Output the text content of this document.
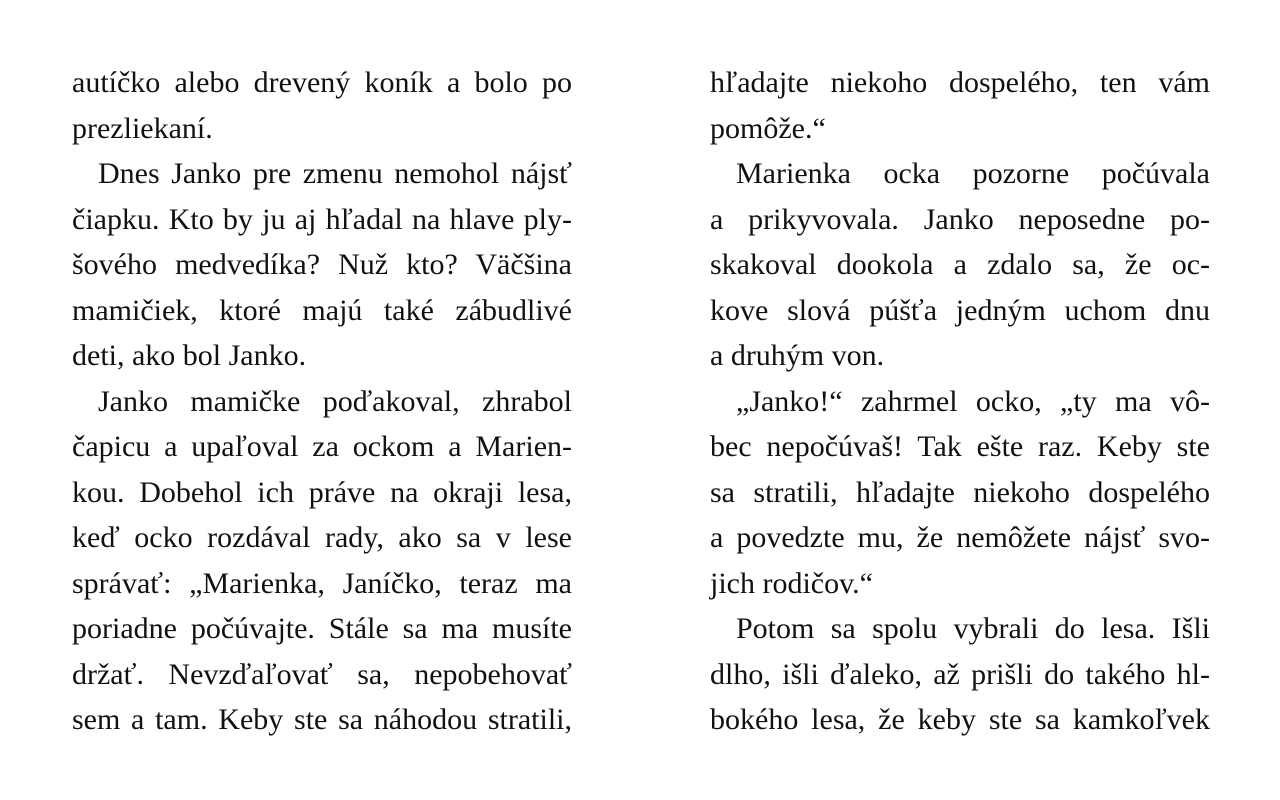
autíčko alebo drevený koník a bolo po
prezliekaní.
Dnes Janko pre zmenu nemohol nájsť
čiapku. Kto by ju aj hľadal na hlave ply-
šového medvedíka? Nuž kto? Väčšina
mamičiek, ktoré majú také zábudlivé
deti, ako bol Janko.
Janko mamičke poďakoval, zhrabol
čapicu a upaľoval za ockom a Marien-
kou. Dobehol ich práve na okraji lesa,
keď ocko rozdával rady, ako sa v lese
správať: „Marienka, Janíčko, teraz ma
poriadne počúvajte. Stále sa ma musíte
držať. Nevzďaľovať sa, nepobehovať
sem a tam. Keby ste sa náhodou stratili,
hľadajte niekoho dospelého, ten vám
pomôže.“
Marienka ocka pozorne počúvala
a prikyvovala. Janko neposedne po-
skakoval dookola a zdalo sa, že oc-
kove slová púšťa jedným uchom dnu
a druhým von.
„Janko!“ zahrmel ocko, „ty ma vô-
bec nepočúvaš! Tak ešte raz. Keby ste
sa stratili, hľadajte niekoho dospelého
a povedzte mu, že nemôžete nájsť svo-
jich rodičov.“
Potom sa spolu vybrali do lesa. Išli
dlho, išli ďaleko, až prišli do takého hl-
bokého lesa, že keby ste sa kamkoľvek
